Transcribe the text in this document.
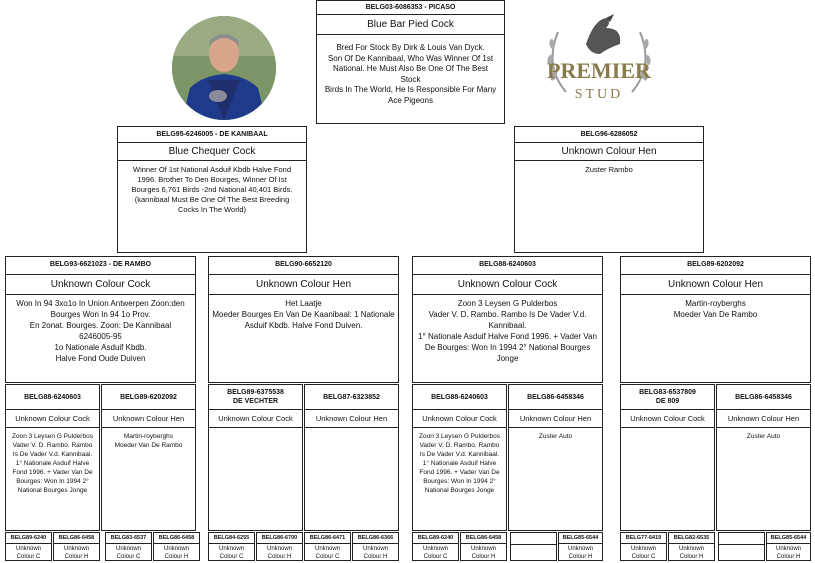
PREMIER
STUD
BELG03-6086353 - PICASO
Blue Bar Pied Cock
Bred For Stock By Dirk & Louis Van Dyck.
Son Of De Kannibaal, Who Was Winner Of 1st
National. He Must Also Be One Of The Best Stock
Birds In The World, He Is Responsible For Many
Ace Pigeons
BELG95-6246005 - DE KANIBAAL
Blue Chequer Cock
Winner Of 1st National Asduif Kbdb Halve Fond
1996. Brother To Den Bourges, Winner Of Ist
Bourges 6,761 Birds -2nd National 40,401 Birds.
(kannibaal Must Be One Of The Best Breeding
Cocks In The World)
BELG96-6286052
Unknown Colour Hen
Zuster Rambo
BELG93-6621023 - DE RAMBO
Unknown Colour Cock
Won In 94 3xo1o In Union Antwerpen Zoon:den
Bourges Won In 94 1o Prov.
En 2onat. Bourges. Zoon: De Kannibaal
6246005-95
1o Nationale Asduif Kbdb.
Halve Fond Oude Duiven
BELG90-6652120
Unknown Colour Hen
Het Laatje
Moeder Bourges En Van De Kaanibaal: 1 Nationale
Asduif Kbdb. Halve Fond Duiven.
BELG88-6240603
Unknown Colour Cock
Zoon 3 Leysen G Pulderbos
Vader V. D. Rambo. Rambo Is De Vader V.d.
Kannibaal.
1° Nationale Asduif Halve Fond 1996. + Vader Van
De Bourges: Won In 1994 2° National Bourges
Jonge
BELG89-6202092
Unknown Colour Hen
Martin-royberghs
Moeder Van De Rambo
BELG88-6240603
Unknown Colour Cock
Zoon 3 Leysen G Pulderbos
Vader V. D. Rambo. Rambo
Is De Vader V.d. Kannibaal.
1° Nationale Asduif Halve
Fond 1996. + Vader Van De
Bourges: Won In 1994 2°
National Bourges Jonge
BELG89-6202092
Unknown Colour Hen
Martin-royberghs
Moeder Van De Rambo
BELG89-6375538
DE VECHTER
Unknown Colour Cock
BELG87-6323852
Unknown Colour Hen
BELG88-6240603
Unknown Colour Cock
Zoon 3 Leysen G Pulderbos
Vader V. D. Rambo. Rambo
Is De Vader V.d. Kannibaal.
1° Nationale Asduif Halve
Fond 1996. + Vader Van De
Bourges: Won In 1994 2°
National Bourges Jonge
BELG86-6458346
Unknown Colour Hen
Zuster Auto
BELG83-6537809
DE 809
Unknown Colour Cock
BELG86-6458346
Unknown Colour Hen
Zuster Auto
BELG89-6240
Unknown
Colour C
BELG86-6458
Unknown
Colour H
BELG83-6537
Unknown
Colour C
BELG86-6458
Unknown
Colour H
BELG84-6255
Unknown
Colour C
BELG86-6700
Unknown
Colour H
BELG86-6471
Unknown
Colour C
BELG86-6366
Unknown
Colour H
BELG89-6240
Unknown
Colour C
BELG86-6458
Unknown
Colour H
BELG85-6544
Unknown
Colour H
BELG77-6419
Unknown
Colour C
BELG82-6535
Unknown
Colour H
BELG85-6544
Unknown
Colour H
